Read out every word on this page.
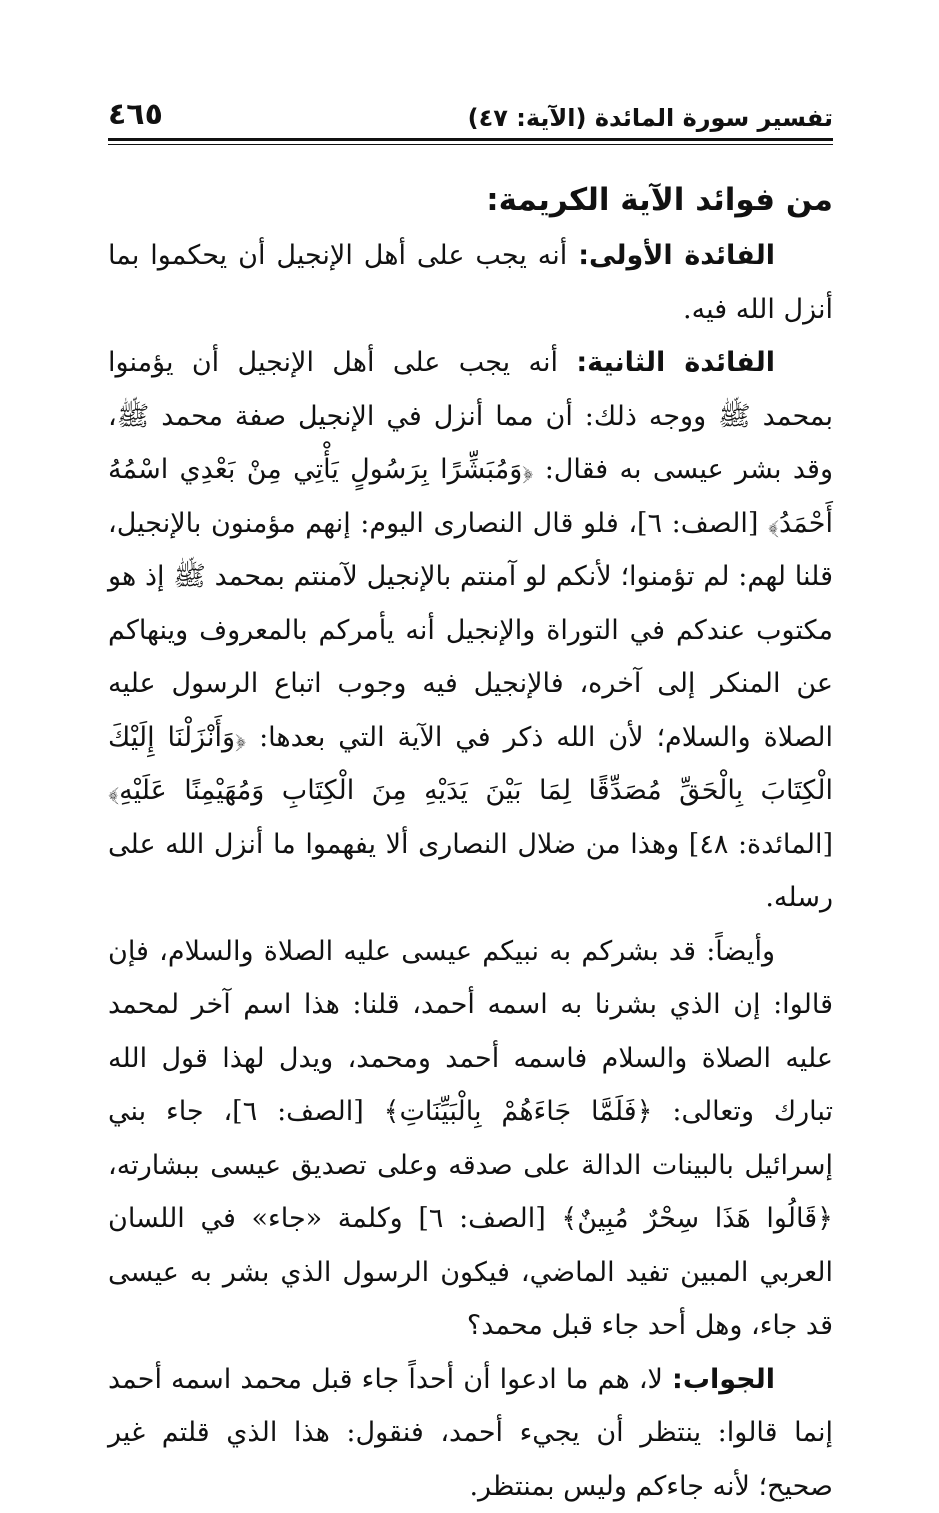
تفسير سورة المائدة (الآية: ٤٧)
٤٦٥
من فوائد الآية الكريمة:

الفائدة الأولى: أنه يجب على أهل الإنجيل أن يحكموا بما أنزل الله فيه.

الفائدة الثانية: أنه يجب على أهل الإنجيل أن يؤمنوا بمحمد ﷺ ووجه ذلك: أن مما أنزل في الإنجيل صفة محمد ﷺ، وقد بشر عيسى به فقال: ﴿وَمُبَشِّرًا بِرَسُولٍ يَأْتِي مِنْ بَعْدِي اسْمُهُ أَحْمَدُ﴾ [الصف: ٦]، فلو قال النصارى اليوم: إنهم مؤمنون بالإنجيل، قلنا لهم: لم تؤمنوا؛ لأنكم لو آمنتم بالإنجيل لآمنتم بمحمد ﷺ إذ هو مكتوب عندكم في التوراة والإنجيل أنه يأمركم بالمعروف وينهاكم عن المنكر إلى آخره، فالإنجيل فيه وجوب اتباع الرسول عليه الصلاة والسلام؛ لأن الله ذكر في الآية التي بعدها: ﴿وَأَنْزَلْنَا إِلَيْكَ الْكِتَابَ بِالْحَقِّ مُصَدِّقًا لِمَا بَيْنَ يَدَيْهِ مِنَ الْكِتَابِ وَمُهَيْمِنًا عَلَيْهِ﴾ [المائدة: ٤٨] وهذا من ضلال النصارى ألا يفهموا ما أنزل الله على رسله.

وأيضاً: قد بشركم به نبيكم عيسى عليه الصلاة والسلام، فإن قالوا: إن الذي بشرنا به اسمه أحمد، قلنا: هذا اسم آخر لمحمد عليه الصلاة والسلام فاسمه أحمد ومحمد، ويدل لهذا قول الله تبارك وتعالى: ﴿فَلَمَّا جَاءَهُمْ بِالْبَيِّنَاتِ﴾ [الصف: ٦]، جاء بني إسرائيل بالبينات الدالة على صدقه وعلى تصديق عيسى ببشارته، ﴿قَالُوا هَذَا سِحْرٌ مُبِينٌ﴾ [الصف: ٦] وكلمة «جاء» في اللسان العربي المبين تفيد الماضي، فيكون الرسول الذي بشر به عيسى قد جاء، وهل أحد جاء قبل محمد؟

الجواب: لا، هم ما ادعوا أن أحداً جاء قبل محمد اسمه أحمد إنما قالوا: ينتظر أن يجيء أحمد، فنقول: هذا الذي قلتم غير صحيح؛ لأنه جاءكم وليس بمنتظر.
